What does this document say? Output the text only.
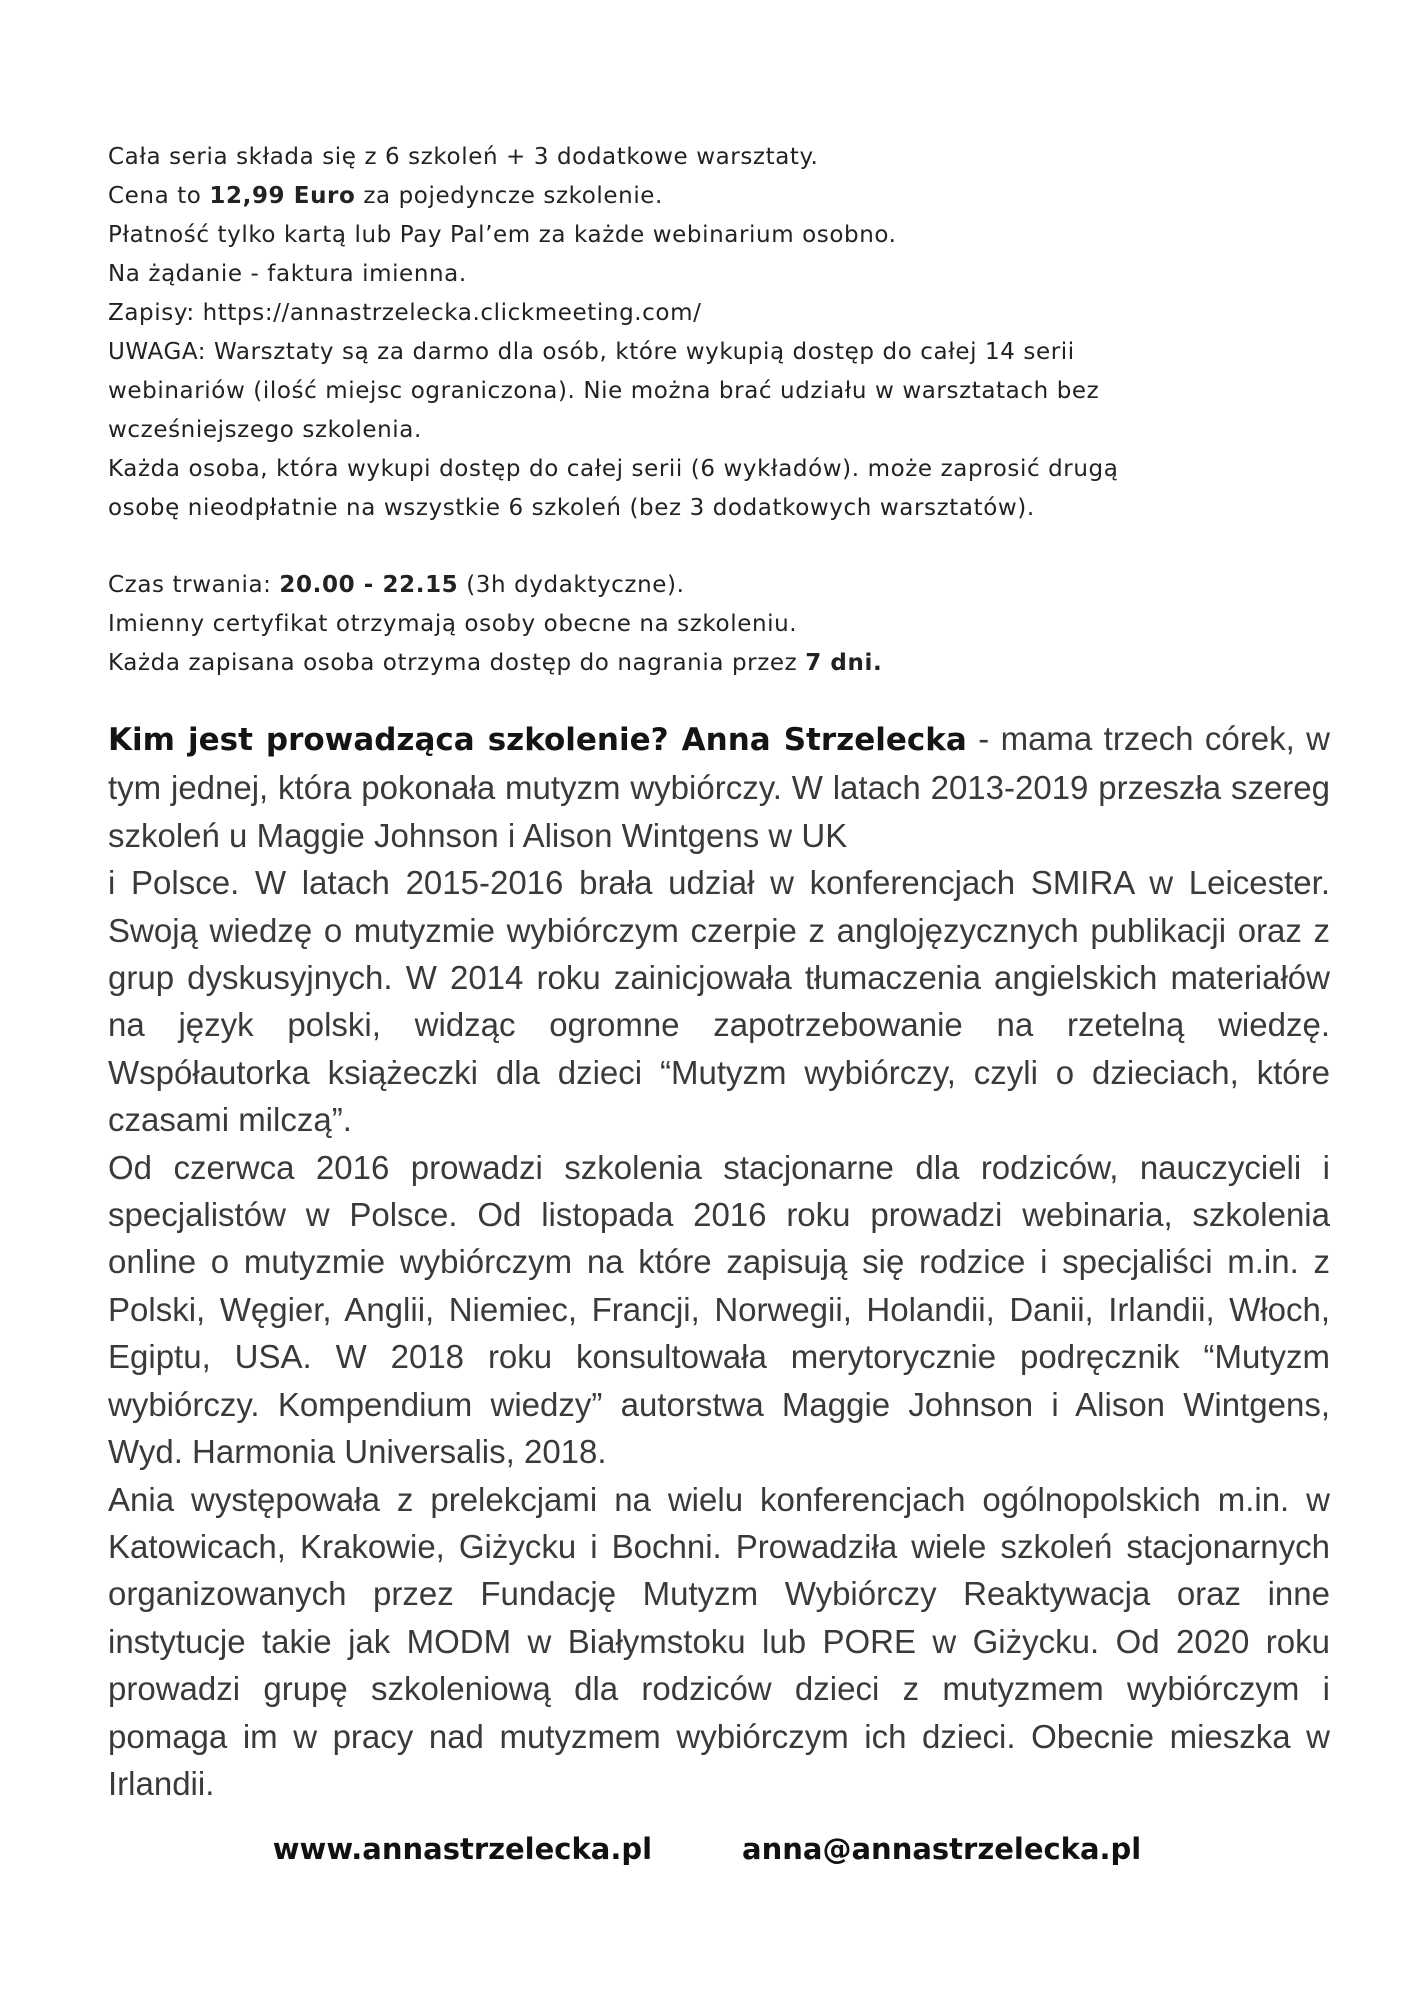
Cała seria składa się z 6 szkoleń + 3 dodatkowe warsztaty.
Cena to 12,99 Euro za pojedyncze szkolenie.
Płatność tylko kartą lub Pay Pal’em za każde webinarium osobno.
Na żądanie - faktura imienna.
Zapisy: https://annastrzelecka.clickmeeting.com/
UWAGA: Warsztaty są za darmo dla osób, które wykupią dostęp do całej 14 serii
webinariów (ilość miejsc ograniczona). Nie można brać udziału w warsztatach bez
wcześniejszego szkolenia.
Każda osoba, która wykupi dostęp do całej serii (6 wykładów). może zaprosić drugą
osobę nieodpłatnie na wszystkie 6 szkoleń (bez 3 dodatkowych warsztatów).
Czas trwania: 20.00 - 22.15 (3h dydaktyczne).
Imienny certyfikat otrzymają osoby obecne na szkoleniu.
Każda zapisana osoba otrzyma dostęp do nagrania przez 7 dni.

Kim jest prowadząca szkolenie? Anna Strzelecka - mama trzech córek, w tym jednej, która pokonała mutyzm wybiórczy. W latach 2013-2019 przeszła szereg szkoleń u Maggie Johnson i Alison Wintgens w UK
i Polsce. W latach 2015-2016 brała udział w konferencjach SMIRA w Leicester. Swoją wiedzę o mutyzmie wybiórczym czerpie z anglojęzycznych publikacji oraz z grup dyskusyjnych. W 2014 roku zainicjowała tłumaczenia angielskich materiałów na język polski, widząc ogromne zapotrzebowanie na rzetelną wiedzę. Współautorka książeczki dla dzieci “Mutyzm wybiórczy, czyli o dzieciach, które czasami milczą”.

Od czerwca 2016 prowadzi szkolenia stacjonarne dla rodziców, nauczycieli i specjalistów w Polsce. Od listopada 2016 roku prowadzi webinaria, szkolenia online o mutyzmie wybiórczym na które zapisują się rodzice i specjaliści m.in. z Polski, Węgier, Anglii, Niemiec, Francji, Norwegii, Holandii, Danii, Irlandii, Włoch, Egiptu, USA. W 2018 roku konsultowała merytorycznie podręcznik “Mutyzm wybiórczy. Kompendium wiedzy” autorstwa Maggie Johnson i Alison Wintgens, Wyd. Harmonia Universalis, 2018.

Ania występowała z prelekcjami na wielu konferencjach ogólnopolskich m.in. w Katowicach, Krakowie, Giżycku i Bochni. Prowadziła wiele szkoleń stacjonarnych organizowanych przez Fundację Mutyzm Wybiórczy Reaktywacja oraz inne instytucje takie jak MODM w Białymstoku lub PORE w Giżycku. Od 2020 roku prowadzi grupę szkoleniową dla rodziców dzieci z mutyzmem wybiórczym i pomaga im w pracy nad mutyzmem wybiórczym ich dzieci. Obecnie mieszka w Irlandii.

www.annastrzelecka.pl	anna@annastrzelecka.pl
